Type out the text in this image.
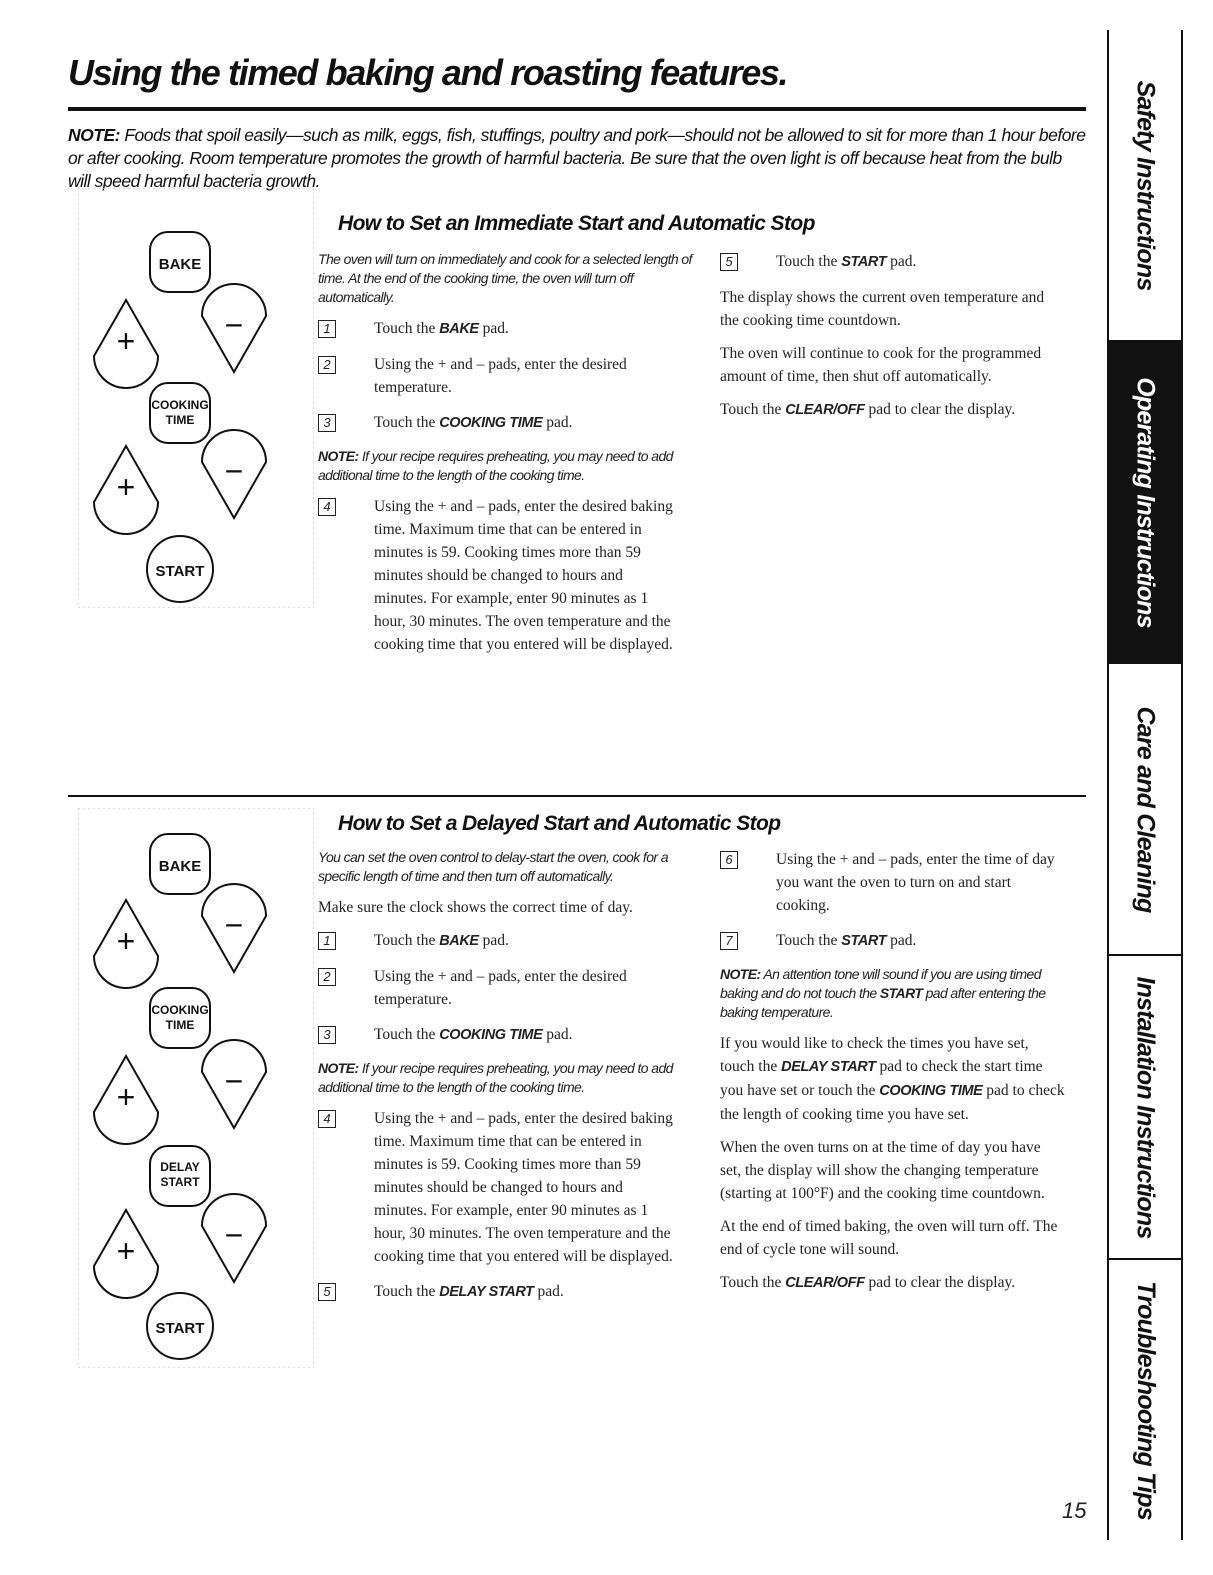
Using the timed baking and roasting features.

NOTE: Foods that spoil easily—such as milk, eggs, fish, stuffings, poultry and pork—should not be allowed to sit for more than 1 hour before or after cooking. Room temperature promotes the growth of harmful bacteria. Be sure that the oven light is off because heat from the bulb will speed harmful bacteria growth.

How to Set an Immediate Start and Automatic Stop
BAKE
+	−
COOKING
TIME
+	−
START

The oven will turn on immediately and cook for a selected length of time. At the end of the cooking time, the oven will turn off automatically.

1	Touch the BAKE pad.
2	Using the + and – pads, enter the desired temperature.
3	Touch the COOKING TIME pad.

NOTE: If your recipe requires preheating, you may need to add additional time to the length of the cooking time.

4	Using the + and – pads, enter the desired baking time. Maximum time that can be entered in minutes is 59. Cooking times more than 59 minutes should be changed to hours and minutes. For example, enter 90 minutes as 1 hour, 30 minutes. The oven temperature and the cooking time that you entered will be displayed.
5	Touch the START pad.

The display shows the current oven temperature and the cooking time countdown.

The oven will continue to cook for the programmed amount of time, then shut off automatically.

Touch the CLEAR/OFF pad to clear the display.

How to Set a Delayed Start and Automatic Stop
BAKE
+	−
COOKING
TIME
+	−
DELAY
START
+	−
START

You can set the oven control to delay-start the oven, cook for a specific length of time and then turn off automatically.

Make sure the clock shows the correct time of day.

1	Touch the BAKE pad.
2	Using the + and – pads, enter the desired temperature.
3	Touch the COOKING TIME pad.

NOTE: If your recipe requires preheating, you may need to add additional time to the length of the cooking time.

4	Using the + and – pads, enter the desired baking time. Maximum time that can be entered in minutes is 59. Cooking times more than 59 minutes should be changed to hours and minutes. For example, enter 90 minutes as 1 hour, 30 minutes. The oven temperature and the cooking time that you entered will be displayed.
5	Touch the DELAY START pad.
6	Using the + and – pads, enter the time of day you want the oven to turn on and start cooking.
7	Touch the START pad.

NOTE: An attention tone will sound if you are using timed baking and do not touch the START pad after entering the baking temperature.

If you would like to check the times you have set, touch the DELAY START pad to check the start time you have set or touch the COOKING TIME pad to check the length of cooking time you have set.

When the oven turns on at the time of day you have set, the display will show the changing temperature (starting at 100°F) and the cooking time countdown.

At the end of timed baking, the oven will turn off. The end of cycle tone will sound.

Touch the CLEAR/OFF pad to clear the display.

15

Safety Instructions
Operating Instructions
Care and Cleaning
Installation Instructions
Troubleshooting Tips
